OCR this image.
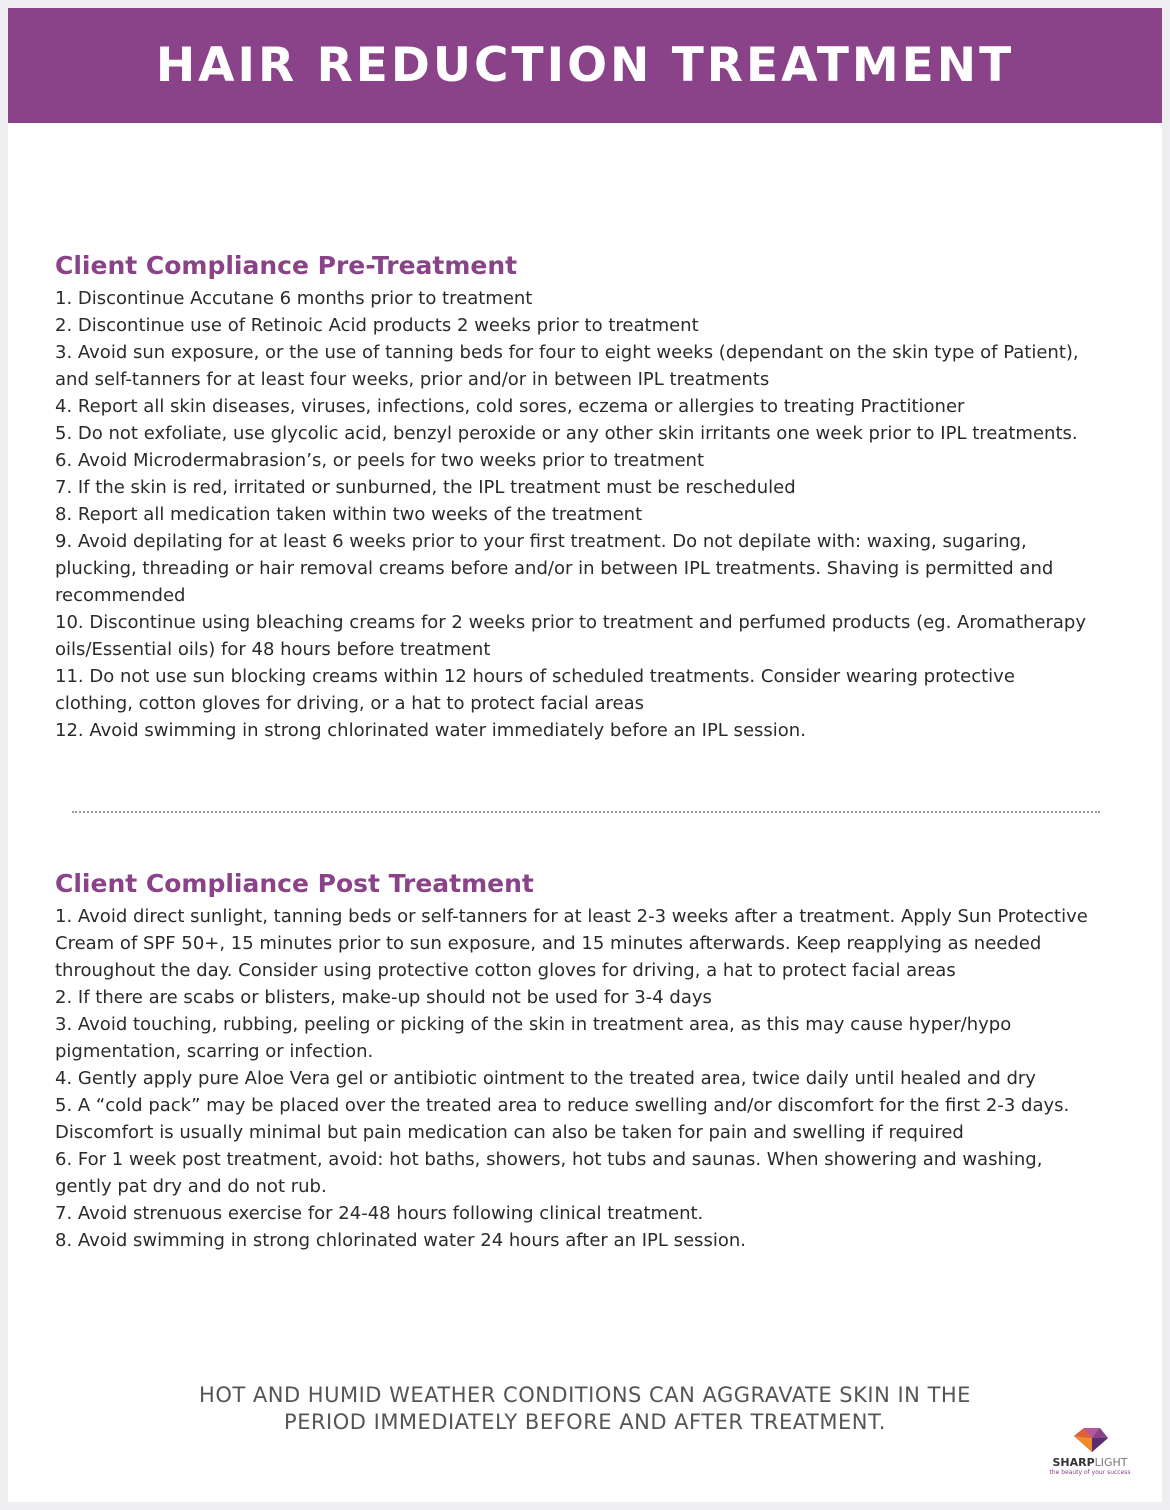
HAIR REDUCTION TREATMENT
Client Compliance Pre-Treatment
1. Discontinue Accutane 6 months prior to treatment
2. Discontinue use of Retinoic Acid products 2 weeks prior to treatment
3. Avoid sun exposure, or the use of tanning beds for four to eight weeks (dependant on the skin type of Patient), and self-tanners for at least four weeks, prior and/or in between IPL treatments
4. Report all skin diseases, viruses, infections, cold sores, eczema or allergies to treating Practitioner
5. Do not exfoliate, use glycolic acid, benzyl peroxide or any other skin irritants one week prior to IPL treatments.
6. Avoid Microdermabrasion’s, or peels for two weeks prior to treatment
7. If the skin is red, irritated or sunburned, the IPL treatment must be rescheduled
8. Report all medication taken within two weeks of the treatment
9. Avoid depilating for at least 6 weeks prior to your first treatment. Do not depilate with: waxing, sugaring, plucking, threading or hair removal creams before and/or in between IPL treatments. Shaving is permitted and recommended
10. Discontinue using bleaching creams for 2 weeks prior to treatment and perfumed products (eg. Aromatherapy oils/Essential oils) for 48 hours before treatment
11. Do not use sun blocking creams within 12 hours of scheduled treatments. Consider wearing protective clothing, cotton gloves for driving, or a hat to protect facial areas
12. Avoid swimming in strong chlorinated water immediately before an IPL session.
Client Compliance Post Treatment
1. Avoid direct sunlight, tanning beds or self-tanners for at least 2-3 weeks after a treatment. Apply Sun Protective Cream of SPF 50+, 15 minutes prior to sun exposure, and 15 minutes afterwards. Keep reapplying as needed throughout the day. Consider using protective cotton gloves for driving, a hat to protect facial areas
2. If there are scabs or blisters, make-up should not be used for 3-4 days
3. Avoid touching, rubbing, peeling or picking of the skin in treatment area, as this may cause hyper/hypo pigmentation, scarring or infection.
4. Gently apply pure Aloe Vera gel or antibiotic ointment to the treated area, twice daily until healed and dry
5. A “cold pack” may be placed over the treated area to reduce swelling and/or discomfort for the first 2-3 days. Discomfort is usually minimal but pain medication can also be taken for pain and swelling if required
6. For 1 week post treatment, avoid: hot baths, showers, hot tubs and saunas. When showering and washing, gently pat dry and do not rub.
7. Avoid strenuous exercise for 24-48 hours following clinical treatment.
8. Avoid swimming in strong chlorinated water 24 hours after an IPL session.
HOT AND HUMID WEATHER CONDITIONS CAN AGGRAVATE SKIN IN THE
PERIOD IMMEDIATELY BEFORE AND AFTER TREATMENT.
SHARPLIGHT
the beauty of your success
